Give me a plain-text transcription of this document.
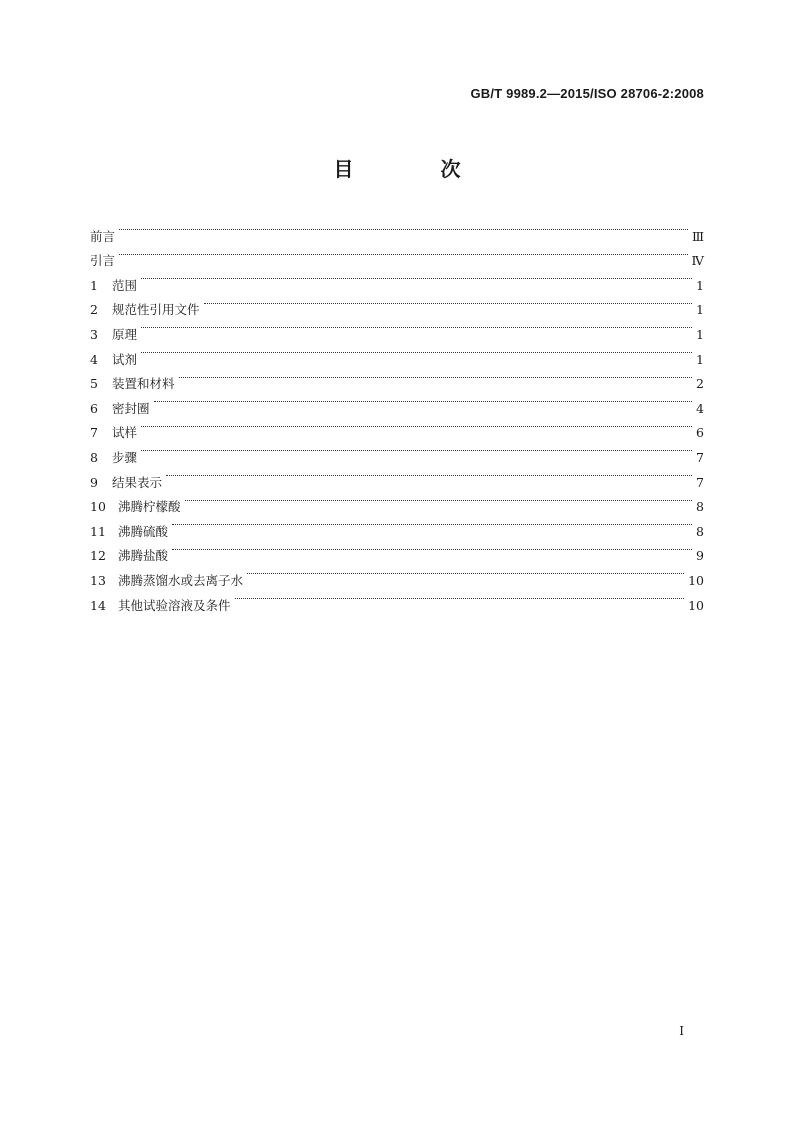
GB/T 9989.2—2015/ISO 28706-2:2008
目 次
前言	Ⅲ
引言	Ⅳ
1	范围	1
2	规范性引用文件	1
3	原理	1
4	试剂	1
5	装置和材料	2
6	密封圈	4
7	试样	6
8	步骤	7
9	结果表示	7
10 沸腾柠檬酸	8
11 沸腾硫酸	8
12 沸腾盐酸	9
13 沸腾蒸馏水或去离子水	10
14 其他试验溶液及条件	10
Ⅰ
